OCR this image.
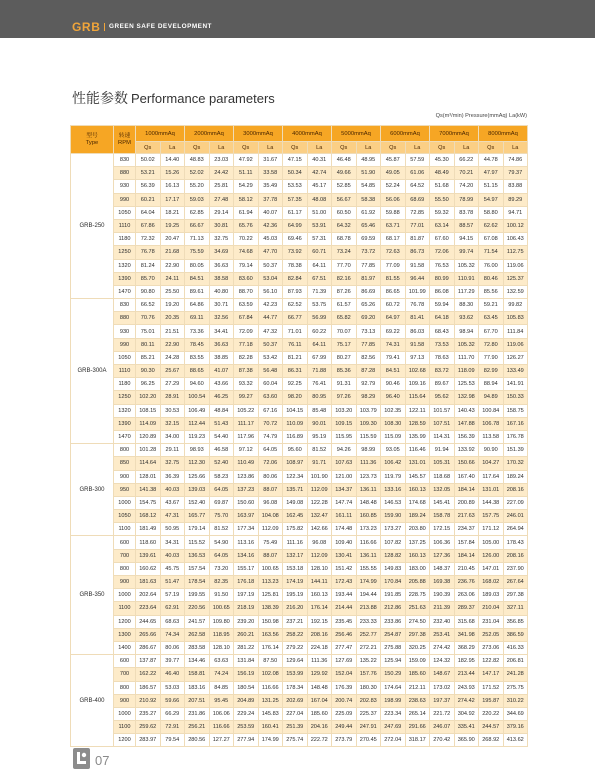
GRB	GREEN SAFE DEVELOPMENT
性能参数 Performance parameters
Qs(m³/min) Pressure(mmAq) La(kW)
型号
Type	转速
RPM	1000mmAq		2000mmAq		3000mmAq		4000mmAq		5000mmAq		6000mmAq		7000mmAq		8000mmAq	
		Qs	La	Qs	La	Qs	La	Qs	La	Qs	La	Qs	La	Qs	La	Qs	La
GRB-250	830	50.02	14.40	48.83	23.03	47.92	31.67	47.15	40.31	46.48	48.95	45.87	57.59	45.30	66.22	44.78	74.86
	880	53.21	15.26	52.02	24.42	51.11	33.58	50.34	42.74	49.66	51.90	49.05	61.06	48.49	70.21	47.97	79.37
	930	56.39	16.13	55.20	25.81	54.29	35.49	53.53	45.17	52.85	54.85	52.24	64.52	51.68	74.20	51.15	83.88
	990	60.21	17.17	59.03	27.48	58.12	37.78	57.35	48.08	56.67	58.38	56.06	68.69	55.50	78.99	54.97	89.29
	1050	64.04	18.21	62.85	29.14	61.94	40.07	61.17	51.00	60.50	61.92	59.88	72.85	59.32	83.78	58.80	94.71
	1110	67.86	19.25	66.67	30.81	65.76	42.36	64.99	53.91	64.32	65.46	63.71	77.01	63.14	88.57	62.62	100.12
	1180	72.32	20.47	71.13	32.75	70.22	45.03	69.46	57.31	68.78	69.59	68.17	81.87	67.60	94.15	67.08	106.43
	1250	76.78	21.68	75.59	34.69	74.68	47.70	73.92	60.71	73.24	73.72	72.63	86.73	72.06	99.74	71.54	112.75
	1320	81.24	22.90	80.05	36.63	79.14	50.37	78.38	64.11	77.70	77.85	77.09	91.58	76.53	105.32	76.00	119.06
	1390	85.70	24.11	84.51	38.58	83.60	53.04	82.84	67.51	82.16	81.97	81.55	96.44	80.99	110.91	80.46	125.37
	1470	90.80	25.50	89.61	40.80	88.70	56.10	87.93	71.39	87.26	86.69	86.65	101.99	86.08	117.29	85.56	132.59
GRB-300A	830	66.52	19.20	64.86	30.71	63.59	42.23	62.52	53.75	61.57	65.26	60.72	76.78	59.94	88.30	59.21	99.82
	880	70.76	20.35	69.11	32.56	67.84	44.77	66.77	56.99	65.82	69.20	64.97	81.41	64.18	93.62	63.45	105.83
	930	75.01	21.51	73.36	34.41	72.09	47.32	71.01	60.22	70.07	73.13	69.22	86.03	68.43	98.94	67.70	111.84
	990	80.11	22.90	78.45	36.63	77.18	50.37	76.11	64.11	75.17	77.85	74.31	91.58	73.53	105.32	72.80	119.06
	1050	85.21	24.28	83.55	38.85	82.28	53.42	81.21	67.99	80.27	82.56	79.41	97.13	78.63	111.70	77.90	126.27
	1110	90.30	25.67	88.65	41.07	87.38	56.48	86.31	71.88	85.36	87.28	84.51	102.68	83.72	118.09	82.99	133.49
	1180	96.25	27.29	94.60	43.66	93.32	60.04	92.25	76.41	91.31	92.79	90.46	109.16	89.67	125.53	88.94	141.91
	1250	102.20	28.91	100.54	46.25	99.27	63.60	98.20	80.95	97.26	98.29	96.40	115.64	95.62	132.98	94.89	150.33
	1320	108.15	30.53	106.49	48.84	105.22	67.16	104.15	85.48	103.20	103.79	102.35	122.11	101.57	140.43	100.84	158.75
	1390	114.09	32.15	112.44	51.43	111.17	70.72	110.09	90.01	109.15	109.30	108.30	128.59	107.51	147.88	106.78	167.16
	1470	120.89	34.00	119.23	54.40	117.96	74.79	116.89	95.19	115.95	115.59	115.09	135.99	114.31	156.39	113.58	176.78
GRB-300	800	101.28	29.11	98.93	46.58	97.12	64.05	95.60	81.52	94.26	98.99	93.05	116.46	91.94	133.92	90.90	151.39
	850	114.64	32.75	112.30	52.40	110.49	72.06	108.97	91.71	107.63	111.36	106.42	131.01	105.31	150.66	104.27	170.32
	900	128.01	36.39	125.66	58.23	123.86	80.06	122.34	101.90	121.00	123.73	119.79	145.57	118.68	167.40	117.64	189.24
	950	141.38	40.03	139.03	64.05	137.23	88.07	135.71	112.09	134.37	136.11	133.16	160.13	132.05	184.14	131.01	208.16
	1000	154.75	43.67	152.40	69.87	150.60	96.08	149.08	122.28	147.74	148.48	146.53	174.68	145.41	200.89	144.38	227.09
	1050	168.12	47.31	165.77	75.70	163.97	104.08	162.45	132.47	161.11	160.85	159.90	189.24	158.78	217.63	157.75	246.01
	1100	181.49	50.95	179.14	81.52	177.34	112.09	175.82	142.66	174.48	173.23	173.27	203.80	172.15	234.37	171.12	264.94
GRB-350	600	118.60	34.31	115.52	54.90	113.16	75.49	111.16	96.08	109.40	116.66	107.82	137.25	106.36	157.84	105.00	178.43
	700	139.61	40.03	136.53	64.05	134.16	88.07	132.17	112.09	130.41	136.11	128.82	160.13	127.36	184.14	126.00	208.16
	800	160.62	45.75	157.54	73.20	155.17	100.65	153.18	128.10	151.42	155.55	149.83	183.00	148.37	210.45	147.01	237.90
	900	181.63	51.47	178.54	82.35	176.18	113.23	174.19	144.11	172.43	174.99	170.84	205.88	169.38	236.76	168.02	267.64
	1000	202.64	57.19	199.55	91.50	197.19	125.81	195.19	160.13	193.44	194.44	191.85	228.75	190.39	263.06	189.03	297.38
	1100	223.64	62.91	220.56	100.65	218.19	138.39	216.20	176.14	214.44	213.88	212.86	251.63	211.39	289.37	210.04	327.11
	1200	244.65	68.63	241.57	109.80	239.20	150.98	237.21	192.15	235.45	233.33	233.86	274.50	232.40	315.68	231.04	356.85
	1300	265.66	74.34	262.58	118.95	260.21	163.56	258.22	208.16	256.46	252.77	254.87	297.38	253.41	341.98	252.05	386.59
	1400	286.67	80.06	283.58	128.10	281.22	176.14	279.22	224.18	277.47	272.21	275.88	320.25	274.42	368.29	273.06	416.33
GRB-400	600	137.87	39.77	134.46	63.63	131.84	87.50	129.64	111.36	127.69	135.22	125.94	159.09	124.32	182.95	122.82	206.81
	700	162.22	46.40	158.81	74.24	156.19	102.08	153.99	129.92	152.04	157.76	150.29	185.60	148.67	213.44	147.17	241.28
	800	186.57	53.03	183.16	84.85	180.54	116.66	178.34	148.48	176.39	180.30	174.64	212.11	173.02	243.93	171.52	275.75
	900	210.92	59.66	207.51	95.45	204.89	131.25	202.69	167.04	200.74	202.83	198.99	238.63	197.37	274.42	195.87	310.22
	1000	235.27	66.29	231.86	106.06	229.24	145.83	227.04	185.60	225.09	225.37	223.34	265.14	221.72	304.92	220.22	344.69
	1100	259.62	72.91	256.21	116.66	253.59	160.41	251.39	204.16	249.44	247.91	247.69	291.66	246.07	335.41	244.57	379.16
	1200	283.97	79.54	280.56	127.27	277.94	174.99	275.74	222.72	273.79	270.45	272.04	318.17	270.42	365.90	268.92	413.62
07
